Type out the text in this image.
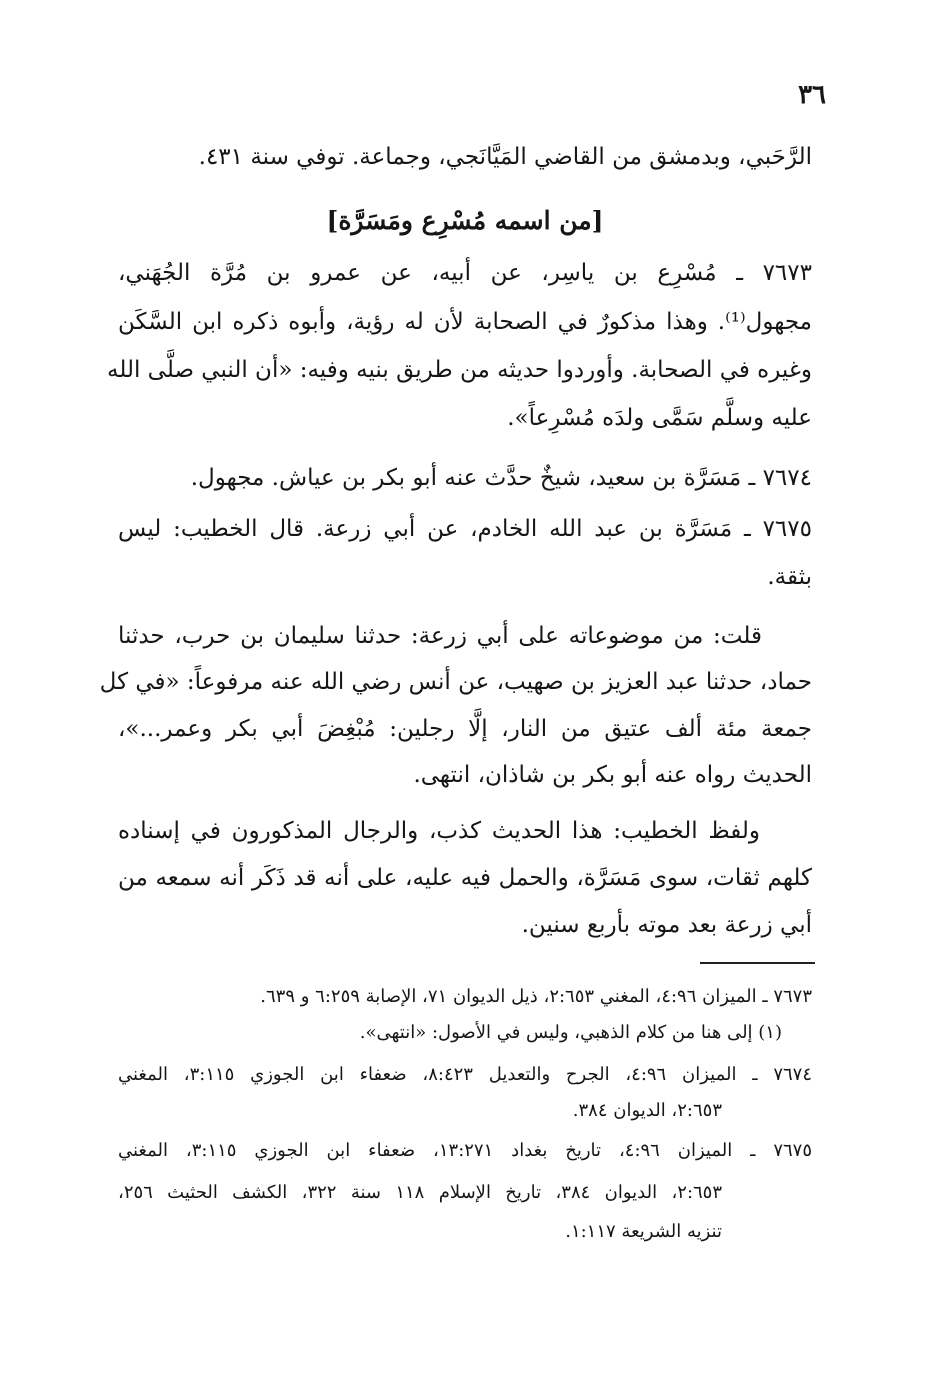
٣٦
الرَّحَبي، وبدمشق من القاضي المَيَّانَجي، وجماعة. توفي سنة ٤٣١.
[من اسمه مُسْرِع ومَسَرَّة]
٧٦٧٣ ـ مُسْرِع بن ياسِر، عن أبيه، عن عمرو بن مُرَّة الجُهَني،
مجهول⁽¹⁾. وهذا مذكورٌ في الصحابة لأن له رؤية، وأبوه ذكره ابن السَّكَن
وغيره في الصحابة. وأوردوا حديثه من طريق بنيه وفيه: «أن النبي صلَّى الله
عليه وسلَّم سَمَّى ولدَه مُسْرِعاً».
٧٦٧٤ ـ مَسَرَّة بن سعيد، شيخٌ حدَّث عنه أبو بكر بن عياش. مجهول.
٧٦٧٥ ـ مَسَرَّة بن عبد الله الخادم، عن أبي زرعة. قال الخطيب: ليس
بثقة.
قلت: من موضوعاته على أبي زرعة: حدثنا سليمان بن حرب، حدثنا
حماد، حدثنا عبد العزيز بن صهيب، عن أنس رضي الله عنه مرفوعاً: «في كل
جمعة مئة ألف عتيق من النار، إلَّا رجلين: مُبْغِضَ أبي بكر وعمر...»،
الحديث رواه عنه أبو بكر بن شاذان، انتهى.
ولفظ الخطيب: هذا الحديث كذب، والرجال المذكورون في إسناده
كلهم ثقات، سوى مَسَرَّة، والحمل فيه عليه، على أنه قد ذَكَر أنه سمعه من
أبي زرعة بعد موته بأربع سنين.
٧٦٧٣ ـ الميزان ٤:٩٦، المغني ٢:٦٥٣، ذيل الديوان ٧١، الإصابة ٦:٢٥٩ و ٦٣٩.
(١) إلى هنا من كلام الذهبي، وليس في الأصول: «انتهى».
٧٦٧٤ ـ الميزان ٤:٩٦، الجرح والتعديل ٨:٤٢٣، ضعفاء ابن الجوزي ٣:١١٥، المغني
٢:٦٥٣، الديوان ٣٨٤.
٧٦٧٥ ـ الميزان ٤:٩٦، تاريخ بغداد ١٣:٢٧١، ضعفاء ابن الجوزي ٣:١١٥، المغني
٢:٦٥٣، الديوان ٣٨٤، تاريخ الإسلام ١١٨ سنة ٣٢٢، الكشف الحثيث ٢٥٦،
تنزيه الشريعة ١:١١٧.
